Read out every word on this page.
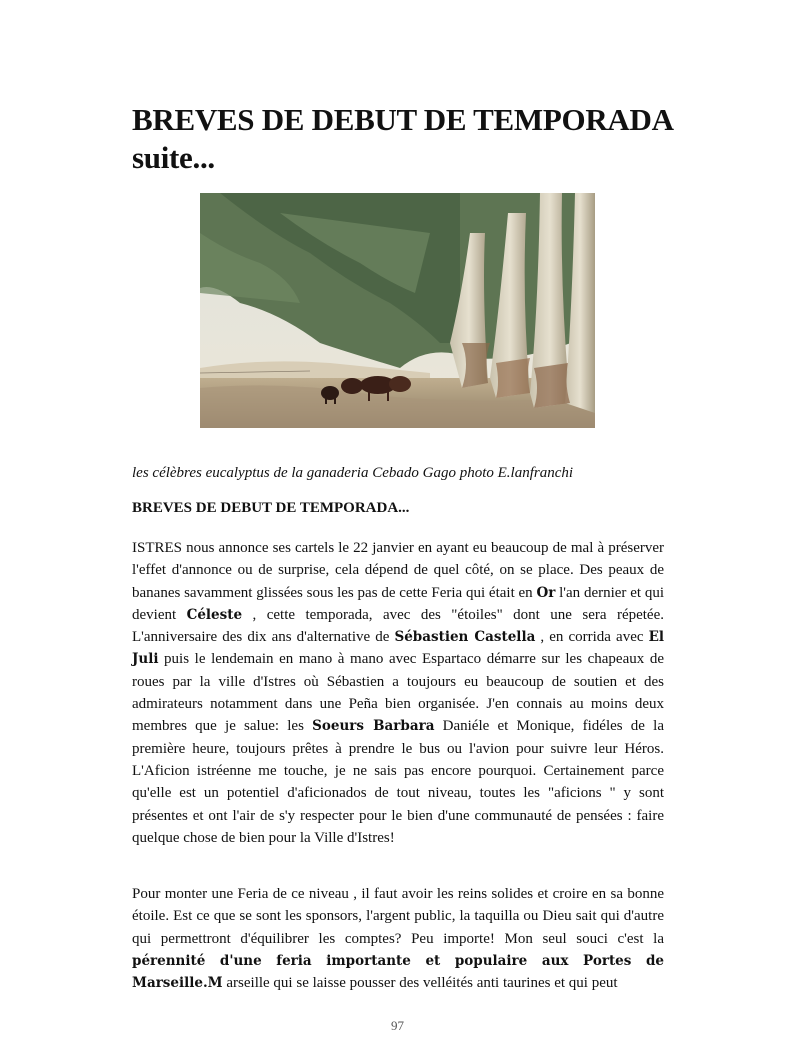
BREVES DE DEBUT DE TEMPORADA suite...

les célèbres eucalyptus de la ganaderia Cebado Gago photo E.lanfranchi

BREVES DE DEBUT DE TEMPORADA...

ISTRES nous annonce ses cartels le 22 janvier en ayant eu beaucoup de mal à préserver l'effet d'annonce ou de surprise, cela dépend de quel côté, on se place. Des peaux de bananes savamment glissées sous les pas de cette Feria qui était en Or l'an dernier et qui devient Céleste , cette temporada, avec des "étoiles" dont une sera répetée. L'anniversaire des dix ans d'alternative de Sébastien Castella , en corrida avec El Juli puis le lendemain en mano à mano avec Espartaco démarre sur les chapeaux de roues par la ville d'Istres où Sébastien a toujours eu beaucoup de soutien et des admirateurs notamment dans une Peña bien organisée. J'en connais au moins deux membres que je salue: les Soeurs Barbara Daniéle et Monique, fidéles de la première heure, toujours prêtes à prendre le bus ou l'avion pour suivre leur Héros. L'Aficion istréenne me touche, je ne sais pas encore pourquoi. Certainement parce qu'elle est un potentiel d'aficionados de tout niveau, toutes les "aficions " y sont présentes et ont l'air de s'y respecter pour le bien d'une communauté de pensées : faire quelque chose de bien pour la Ville d'Istres!

Pour monter une Feria de ce niveau , il faut avoir les reins solides et croire en sa bonne étoile. Est ce que se sont les sponsors, l'argent public, la taquilla ou Dieu sait qui d'autre qui permettront d'équilibrer les comptes? Peu importe! Mon seul souci c'est la pérennité d'une feria importante et populaire aux Portes de Marseille.M arseille qui se laisse pousser des velléités anti taurines et qui peut

97
